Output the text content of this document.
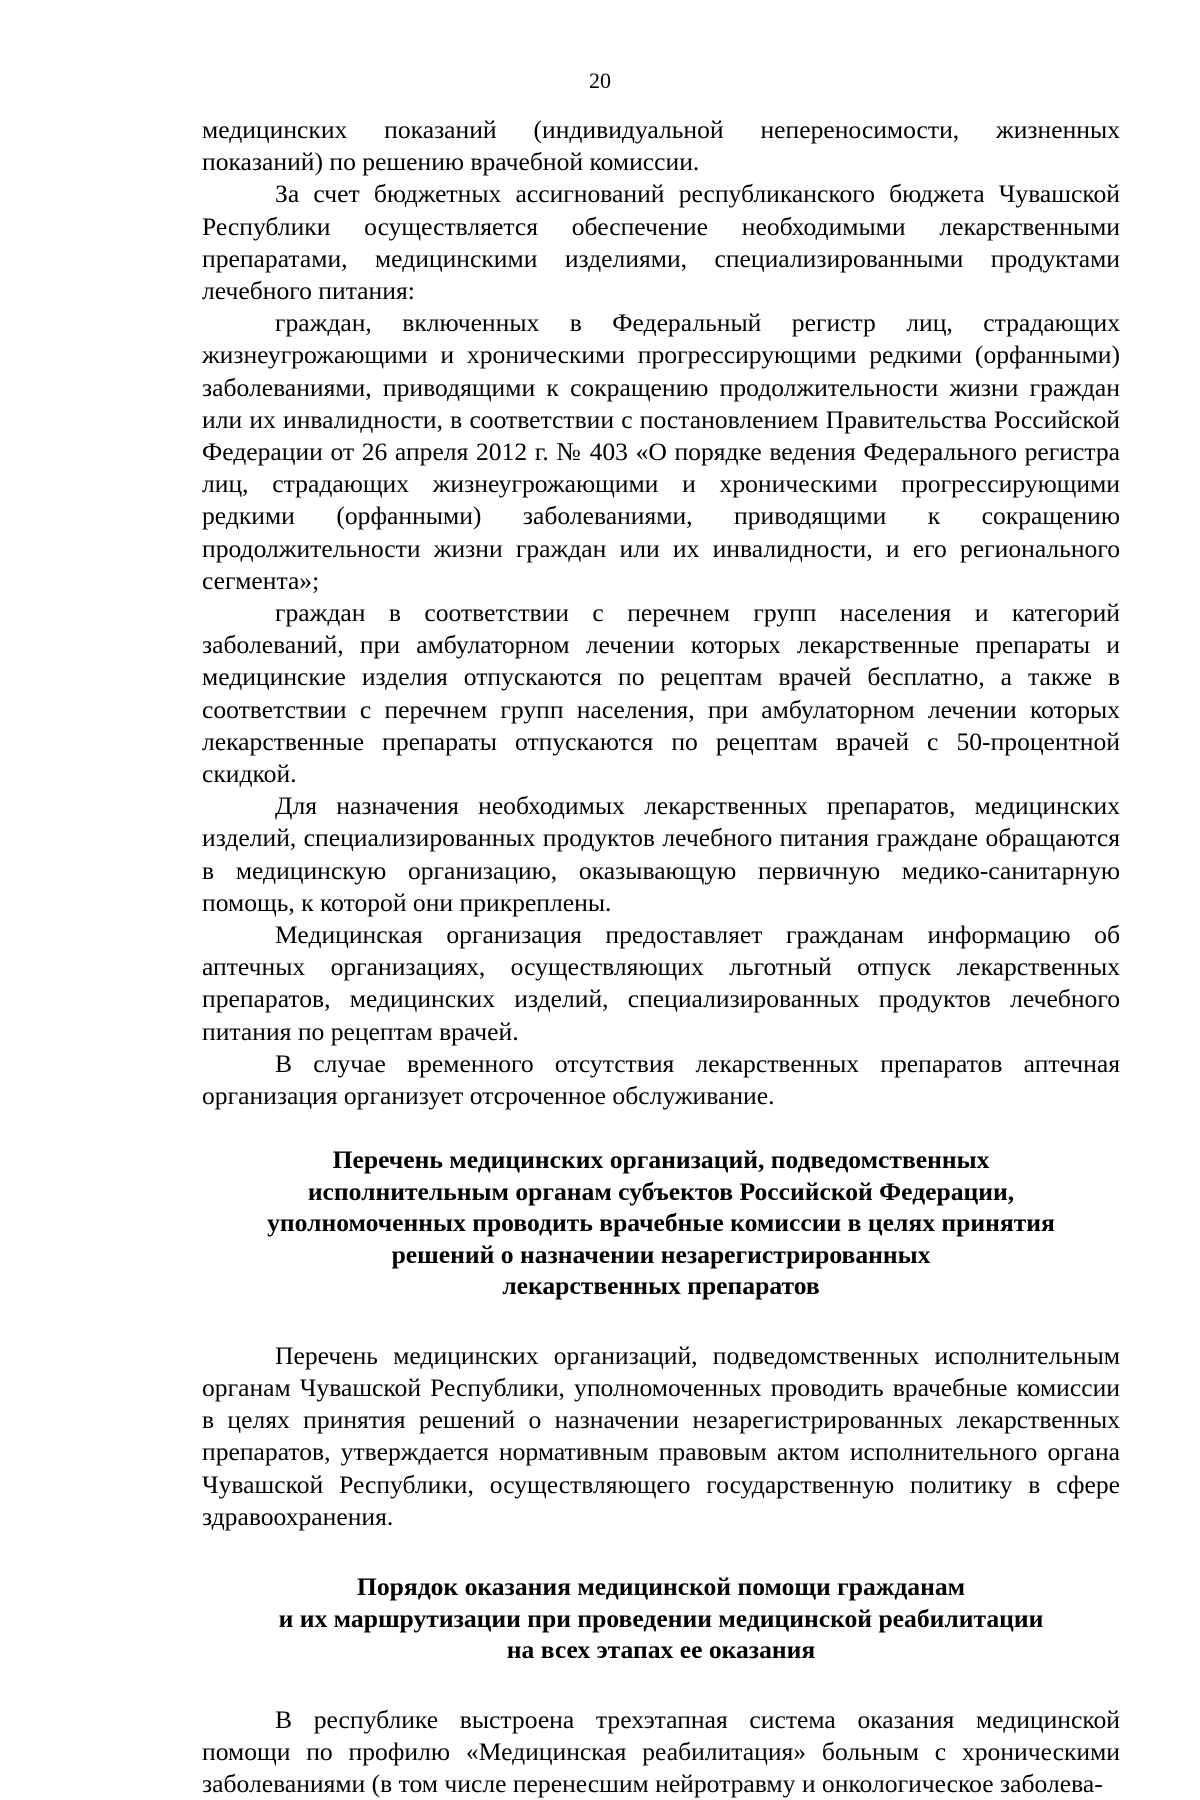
20

медицинских показаний (индивидуальной непереносимости, жизненных показаний) по решению врачебной комиссии.

За счет бюджетных ассигнований республиканского бюджета Чувашской Республики осуществляется обеспечение необходимыми лекарственными препаратами, медицинскими изделиями, специализированными продуктами лечебного питания:

граждан, включенных в Федеральный регистр лиц, страдающих жизнеугрожающими и хроническими прогрессирующими редкими (орфанными) заболеваниями, приводящими к сокращению продолжительности жизни граждан или их инвалидности, в соответствии с постановлением Правительства Российской Федерации от 26 апреля 2012 г. № 403 «О порядке ведения Федерального регистра лиц, страдающих жизнеугрожающими и хроническими прогрессирующими редкими (орфанными) заболеваниями, приводящими к сокращению продолжительности жизни граждан или их инвалидности, и его регионального сегмента»;

граждан в соответствии с перечнем групп населения и категорий заболеваний, при амбулаторном лечении которых лекарственные препараты и медицинские изделия отпускаются по рецептам врачей бесплатно, а также в соответствии с перечнем групп населения, при амбулаторном лечении которых лекарственные препараты отпускаются по рецептам врачей с 50-процентной скидкой.

Для назначения необходимых лекарственных препаратов, медицинских изделий, специализированных продуктов лечебного питания граждане обращаются в медицинскую организацию, оказывающую первичную медико-санитарную помощь, к которой они прикреплены.

Медицинская организация предоставляет гражданам информацию об аптечных организациях, осуществляющих льготный отпуск лекарственных препаратов, медицинских изделий, специализированных продуктов лечебного питания по рецептам врачей.

В случае временного отсутствия лекарственных препаратов аптечная организация организует отсроченное обслуживание.

Перечень медицинских организаций, подведомственных
исполнительным органам субъектов Российской Федерации,
уполномоченных проводить врачебные комиссии в целях принятия
решений о назначении незарегистрированных
лекарственных препаратов

Перечень медицинских организаций, подведомственных исполнительным органам Чувашской Республики, уполномоченных проводить врачебные комиссии в целях принятия решений о назначении незарегистрированных лекарственных препаратов, утверждается нормативным правовым актом исполнительного органа Чувашской Республики, осуществляющего государственную политику в сфере здравоохранения.

Порядок оказания медицинской помощи гражданам
и их маршрутизации при проведении медицинской реабилитации
на всех этапах ее оказания

В республике выстроена трехэтапная система оказания медицинской помощи по профилю «Медицинская реабилитация» больным с хроническими заболеваниями (в том числе перенесшим нейротравму и онкологическое заболева-
